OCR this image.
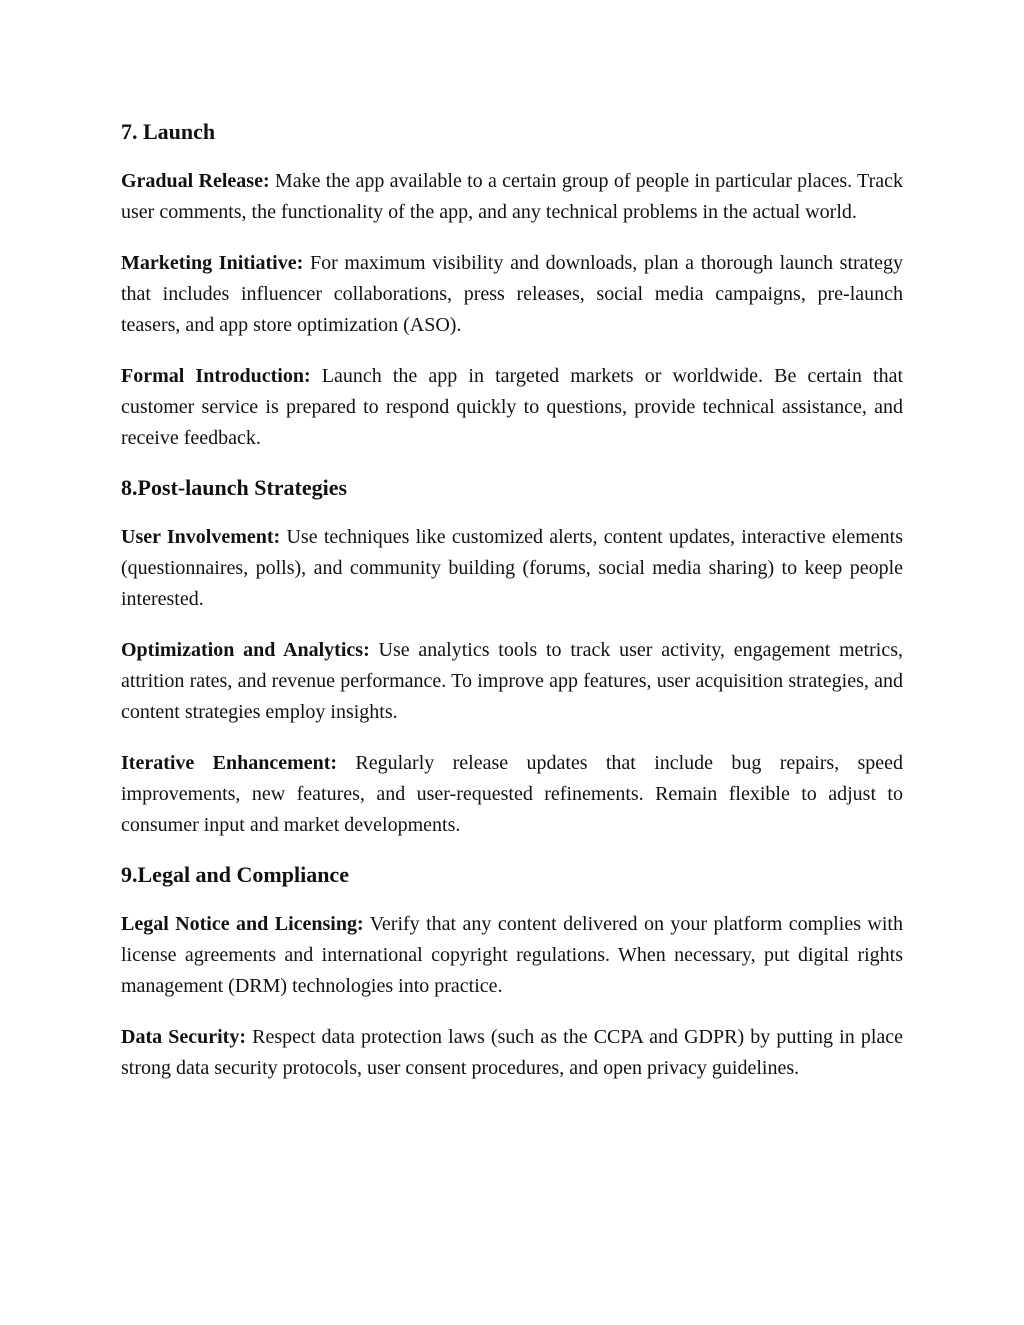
7. Launch

Gradual Release: Make the app available to a certain group of people in particular places. Track user comments, the functionality of the app, and any technical problems in the actual world.

Marketing Initiative: For maximum visibility and downloads, plan a thorough launch strategy that includes influencer collaborations, press releases, social media campaigns, pre-launch teasers, and app store optimization (ASO).

Formal Introduction: Launch the app in targeted markets or worldwide. Be certain that customer service is prepared to respond quickly to questions, provide technical assistance, and receive feedback.

8.Post-launch Strategies

User Involvement: Use techniques like customized alerts, content updates, interactive elements (questionnaires, polls), and community building (forums, social media sharing) to keep people interested.

Optimization and Analytics: Use analytics tools to track user activity, engagement metrics, attrition rates, and revenue performance. To improve app features, user acquisition strategies, and content strategies employ insights.

Iterative Enhancement: Regularly release updates that include bug repairs, speed improvements, new features, and user-requested refinements. Remain flexible to adjust to consumer input and market developments.

9.Legal and Compliance

Legal Notice and Licensing: Verify that any content delivered on your platform complies with license agreements and international copyright regulations. When necessary, put digital rights management (DRM) technologies into practice.

Data Security: Respect data protection laws (such as the CCPA and GDPR) by putting in place strong data security protocols, user consent procedures, and open privacy guidelines.
